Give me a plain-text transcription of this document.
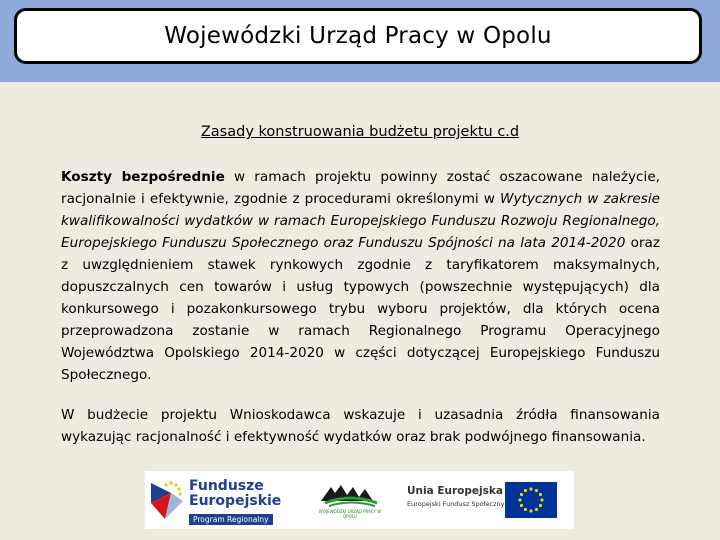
Wojewódzki Urząd Pracy w Opolu
Zasady konstruowania budżetu projektu c.d

Koszty bezpośrednie w ramach projektu powinny zostać oszacowane należycie, racjonalnie i efektywnie, zgodnie z procedurami określonymi w Wytycznych w zakresie kwalifikowalności wydatków w ramach Europejskiego Funduszu Rozwoju Regionalnego, Europejskiego Funduszu Społecznego oraz Funduszu Spójności na lata 2014-2020 oraz z uwzględnieniem stawek rynkowych zgodnie z taryfikatorem maksymalnych, dopuszczalnych cen towarów i usług typowych (powszechnie występujących) dla konkursowego i pozakonkursowego trybu wyboru projektów, dla których ocena przeprowadzona zostanie w ramach Regionalnego Programu Operacyjnego Województwa Opolskiego 2014-2020 w części dotyczącej Europejskiego Funduszu Społecznego.

W budżecie projektu Wnioskodawca wskazuje i uzasadnia źródła finansowania wykazując racjonalność i efektywność wydatków oraz brak podwójnego finansowania.

Fundusze
Europejskie
Program Regionalny
WOJEWÓDZKI URZĄD PRACY W OPOLU
Unia Europejska
Europejski Fundusz Społeczny
